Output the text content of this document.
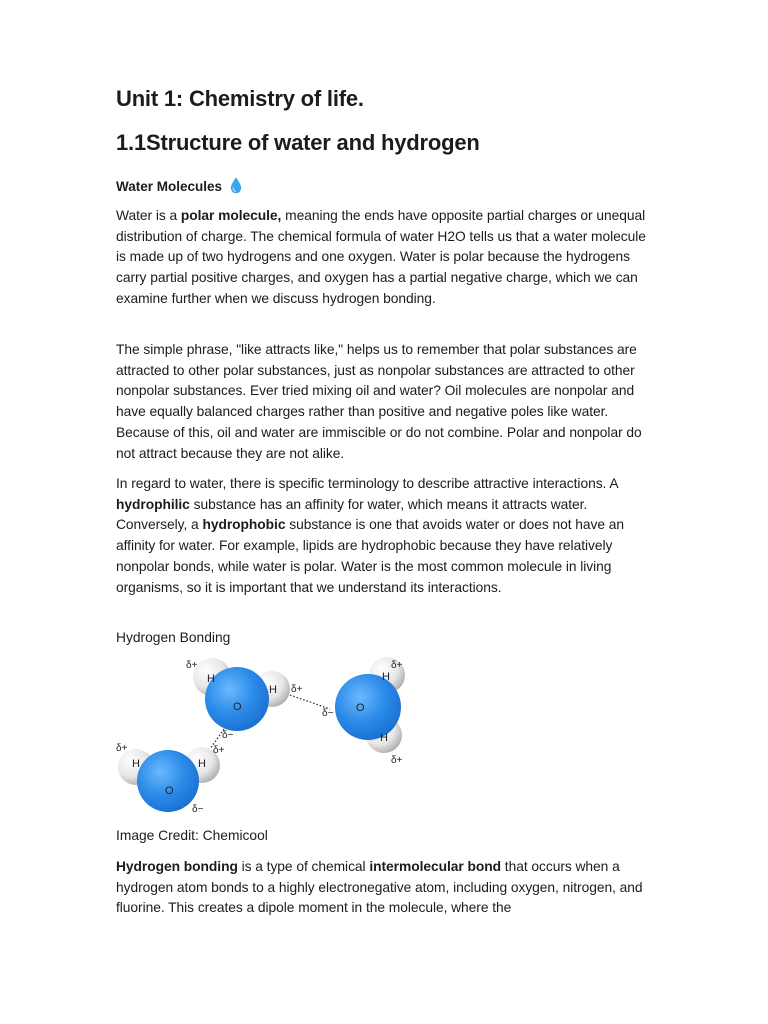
Unit 1: Chemistry of life.
1.1Structure of water and hydrogen
Water Molecules

Water is a polar molecule, meaning the ends have opposite partial charges or unequal distribution of charge. The chemical formula of water H2O tells us that a water molecule is made up of two hydrogens and one oxygen. Water is polar because the hydrogens carry partial positive charges, and oxygen has a partial negative charge, which we can examine further when we discuss hydrogen bonding.

The simple phrase, "like attracts like," helps us to remember that polar substances are attracted to other polar substances, just as nonpolar substances are attracted to other nonpolar substances. Ever tried mixing oil and water? Oil molecules are nonpolar and have equally balanced charges rather than positive and negative poles like water. Because of this, oil and water are immiscible or do not combine. Polar and nonpolar do not attract because they are not alike.

In regard to water, there is specific terminology to describe attractive interactions. A hydrophilic substance has an affinity for water, which means it attracts water. Conversely, a hydrophobic substance is one that avoids water or does not have an affinity for water. For example, lipids are hydrophobic because they have relatively nonpolar bonds, while water is polar. Water is the most common molecule in living organisms, so it is important that we understand its interactions.

Hydrogen Bonding
H
H
O
δ+
δ+
δ−
H
H
O
δ+
δ+
δ−
H	H
O
δ+	δ+
δ−
Image Credit: Chemicool

Hydrogen bonding is a type of chemical intermolecular bond that occurs when a hydrogen atom bonds to a highly electronegative atom, including oxygen, nitrogen, and fluorine. This creates a dipole moment in the molecule, where the
